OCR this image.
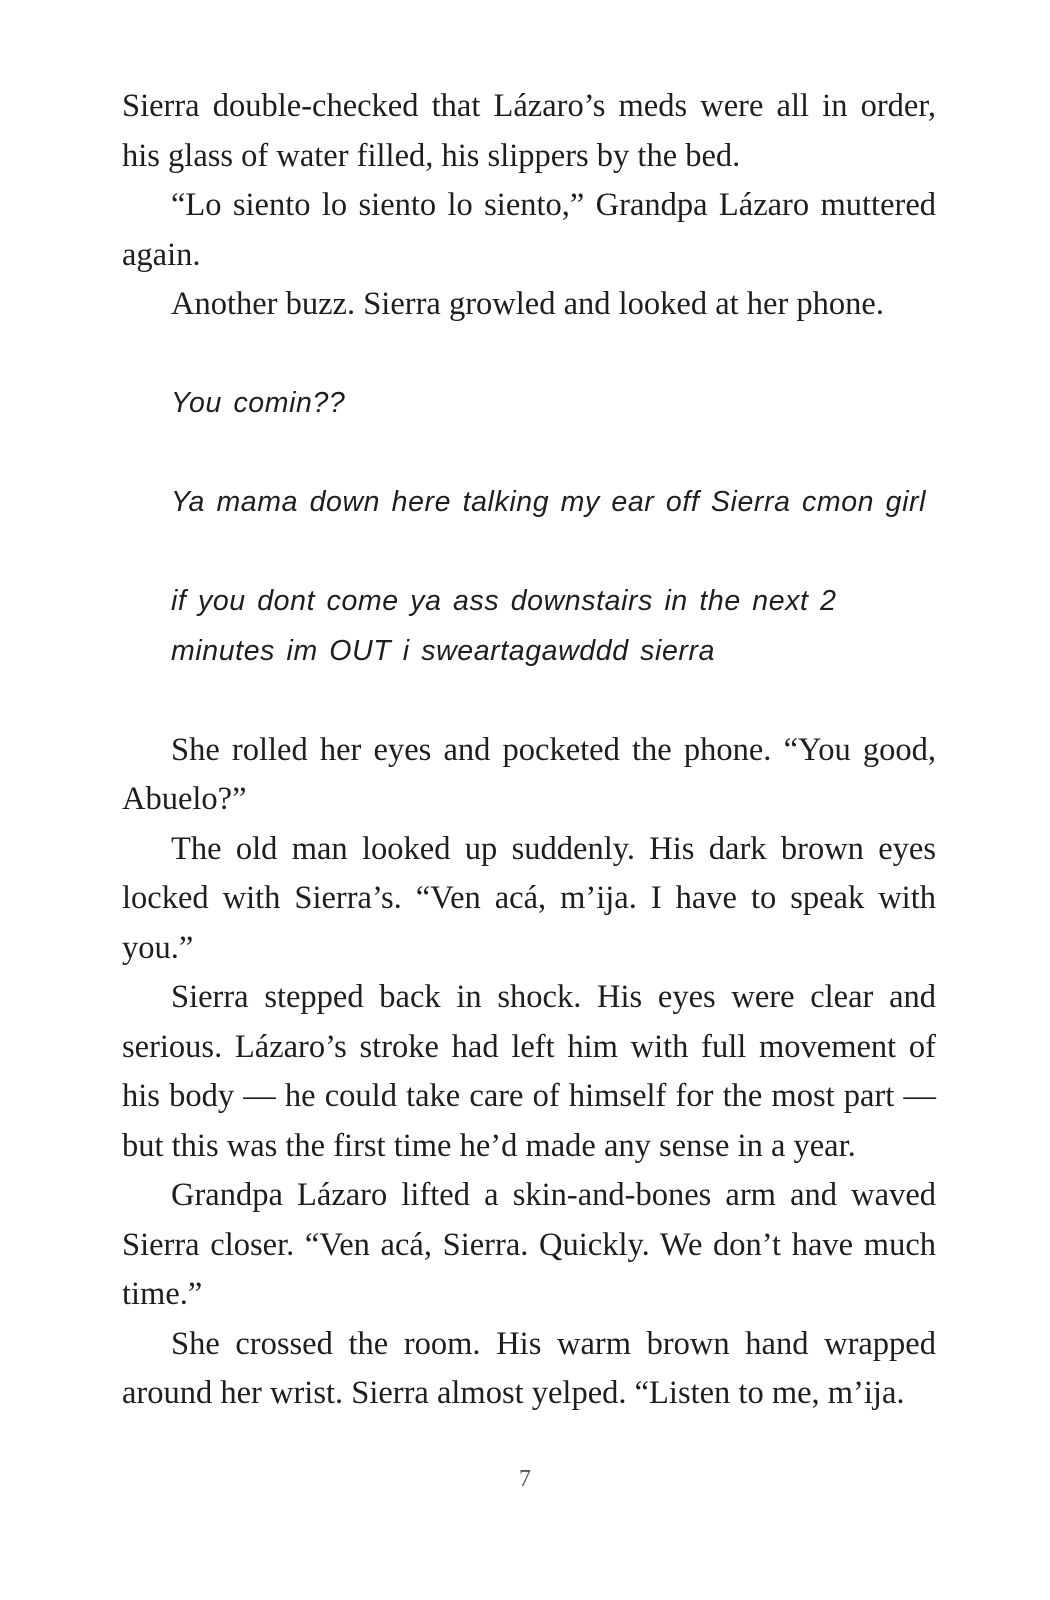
Sierra double-checked that Lázaro’s meds were all in order, his glass of water filled, his slippers by the bed.

“Lo siento lo siento lo siento,” Grandpa Lázaro muttered again.

Another buzz. Sierra growled and looked at her phone.

You comin??

Ya mama down here talking my ear off Sierra cmon girl

if you dont come ya ass downstairs in the next 2 minutes im OUT i sweartagawddd sierra

She rolled her eyes and pocketed the phone. “You good, Abuelo?”

The old man looked up suddenly. His dark brown eyes locked with Sierra’s. “Ven acá, m’ija. I have to speak with you.”

Sierra stepped back in shock. His eyes were clear and serious. Lázaro’s stroke had left him with full movement of his body — he could take care of himself for the most part — but this was the first time he’d made any sense in a year.

Grandpa Lázaro lifted a skin-and-bones arm and waved Sierra closer. “Ven acá, Sierra. Quickly. We don’t have much time.”

She crossed the room. His warm brown hand wrapped around her wrist. Sierra almost yelped. “Listen to me, m’ija.

7
